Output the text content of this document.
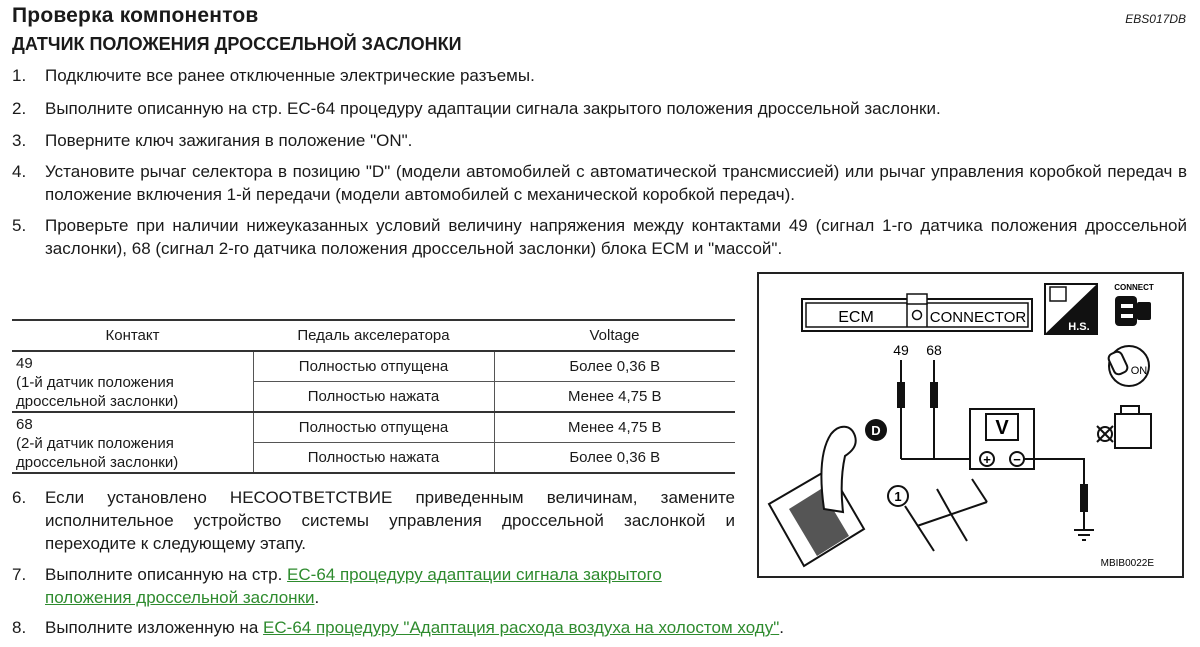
Проверка компонентов
ДАТЧИК ПОЛОЖЕНИЯ ДРОССЕЛЬНОЙ ЗАСЛОНКИ
EBS017DB
1.	Подключите все ранее отключенные электрические разъемы.
2.	Выполните описанную на стр. ЕС-64 процедуру адаптации сигнала закрытого положения дроссельной заслонки.
3.	Поверните ключ зажигания в положение "ON".
4.	Установите рычаг селектора в позицию "D" (модели автомобилей с автоматической трансмиссией) или рычаг управления коробкой передач в положение включения 1-й передачи (модели автомобилей с механической коробкой передач).
5.	Проверьте при наличии нижеуказанных условий величину напряжения между контактами 49 (сигнал 1-го датчика положения дроссельной заслонки), 68 (сигнал 2-го датчика положения дроссельной заслонки) блока ECM и "массой".
Контакт	Педаль акселератора	Voltage

49
(1-й датчик положения
дроссельной заслонки)	Полностью отпущена	Более 0,36 В
	Полностью нажата	Менее 4,75 В

68
(2-й датчик положения
дроссельной заслонки)	Полностью отпущена	Менее 4,75 В
	Полностью нажата	Более 0,36 В
6.	Если установлено НЕСООТВЕТСТВИЕ приведенным величинам, замените исполнительное устройство системы управления дроссельной заслонкой и переходите к следующему этапу.
7.	Выполните описанную на стр. ЕС-64 процедуру адаптации сигнала закрытого положения дроссельной заслонки.
8.	Выполните изложенную на ЕС-64 процедуру "Адаптация расхода воздуха на холостом ходу".
ECM	CONNECTOR
H.S.
CONNECT
ON
49 68
V
+ −
D
1
MBIB0022E
